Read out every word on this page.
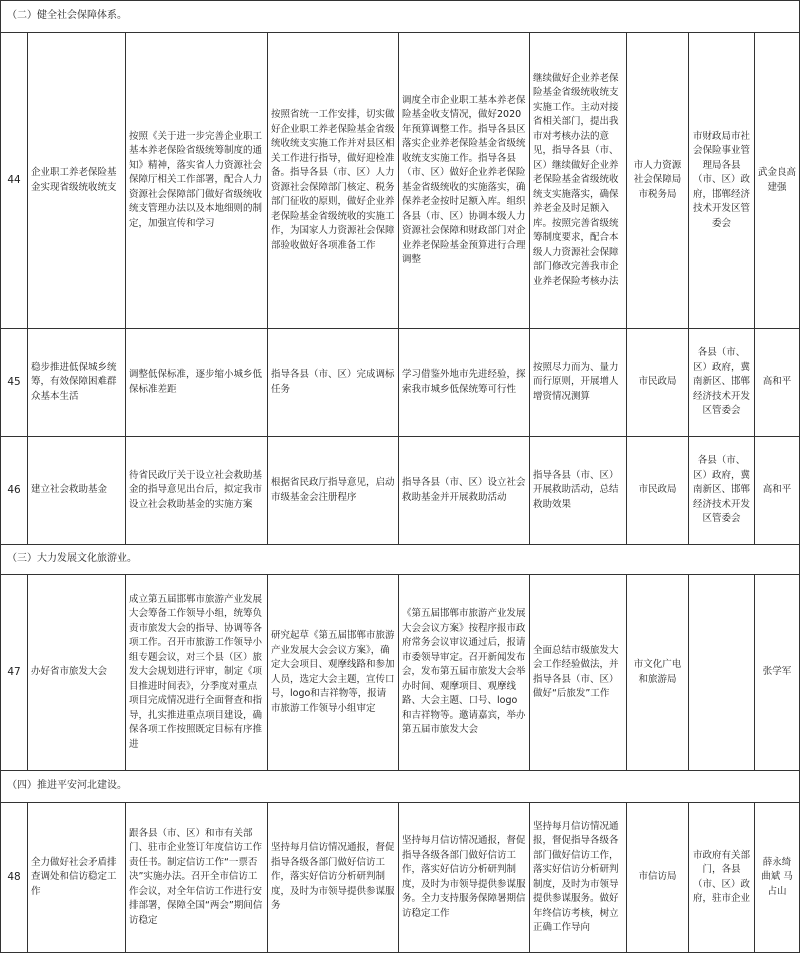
（二）健全社会保障体系。								
44	企业职工养老保险基金实现省级统收统支	按照《关于进一步完善企业职工基本养老保险省级统筹制度的通知》精神，落实省人力资源社会保障厅相关工作部署，配合人力资源社会保障部门做好省级统收统支管理办法以及本地细则的制定，加强宣传和学习	按照省统一工作安排，切实做好企业职工养老保险基金省级统收统支实施工作并对县区相关工作进行指导，做好迎检准备。指导各县（市、区）人力资源社会保障部门核定、税务部门征收的原则，做好企业养老保险基金省级统收的实施工作，为国家人力资源社会保障部验收做好各项准备工作	调度全市企业职工基本养老保险基金收支情况，做好2020年预算调整工作。指导各县区落实企业养老保险基金省级统收统支实施工作。指导各县（市、区）做好企业养老保险基金省级统收的实施落实，确保养老金按时足额入库。组织各县（市、区）协调本级人力资源社会保障和财政部门对企业养老保险基金预算进行合理调整	继续做好企业养老保险基金省级统收统支实施工作。主动对接省相关部门，提出我市对考核办法的意见，指导各县（市、区）继续做好企业养老保险基金省级统收统支实施落实，确保养老金及时足额入库。按照完善省级统筹制度要求，配合本级人力资源社会保障部门修改完善我市企业养老保险考核办法	市人力资源社会保障局市税务局	市财政局市社会保险事业管理局各县（市、区）政府，邯郸经济技术开发区管委会	武金良高建强
45	稳步推进低保城乡统筹，有效保障困难群众基本生活	调整低保标准，逐步缩小城乡低保标准差距	指导各县（市、区）完成调标任务	学习借鉴外地市先进经验，探索我市城乡低保统筹可行性	按照尽力而为、量力而行原则，开展增人增资情况测算	市民政局	各县（市、区）政府，冀南新区、邯郸经济技术开发区管委会	高和平
46	建立社会救助基金	待省民政厅关于设立社会救助基金的指导意见出台后，拟定我市设立社会救助基金的实施方案	根据省民政厅指导意见，启动市级基金会注册程序	指导各县（市、区）设立社会救助基金并开展救助活动	指导各县（市、区）开展救助活动，总结救助效果	市民政局	各县（市、区）政府，冀南新区、邯郸经济技术开发区管委会	高和平
（三）大力发展文化旅游业。								
47	办好省市旅发大会	成立第五届邯郸市旅游产业发展大会筹备工作领导小组，统筹负责市旅发大会的指导、协调等各项工作。召开市旅游工作领导小组专题会议，对三个县（区）旅发大会规划进行评审，制定《项目推进时间表》，分季度对重点项目完成情况进行全面督查和指导，扎实推进重点项目建设，确保各项工作按照既定目标有序推进	研究起草《第五届邯郸市旅游产业发展大会会议方案》，确定大会项目、观摩线路和参加人员，选定大会主题，宣传口号，logo和吉祥物等，报请市旅游工作领导小组审定	《第五届邯郸市旅游产业发展大会会议方案》按程序报市政府常务会议审议通过后，报请市委领导审定。召开新闻发布会，发布第五届市旅发大会举办时间、观摩项目、观摩线路、大会主题、口号、logo和吉祥物等。邀请嘉宾，举办第五届市旅发大会	全面总结市级旅发大会工作经验做法，并指导各县（市、区）做好“后旅发”工作	市文化广电和旅游局		张学军
（四）推进平安河北建设。								
48	全力做好社会矛盾排查调处和信访稳定工作	跟各县（市、区）和市有关部门、驻市企业签订年度信访工作责任书。制定信访工作“一票否决”实施办法。召开全市信访工作会议，对全年信访工作进行安排部署，保障全国“两会”期间信访稳定	坚持每月信访情况通报，督促指导各级各部门做好信访工作，落实好信访分析研判制度，及时为市领导提供参谋服务	坚持每月信访情况通报，督促指导各级各部门做好信访工作，落实好信访分析研判制度，及时为市领导提供参谋服务。全力支持服务保障暑期信访稳定工作	坚持每月信访情况通报，督促指导各级各部门做好信访工作，落实好信访分析研判制度，及时为市领导提供参谋服务。做好年终信访考核，树立正确工作导向	市信访局	市政府有关部门，各县（市、区）政府，驻市企业	薛永绮 曲斌 马占山
